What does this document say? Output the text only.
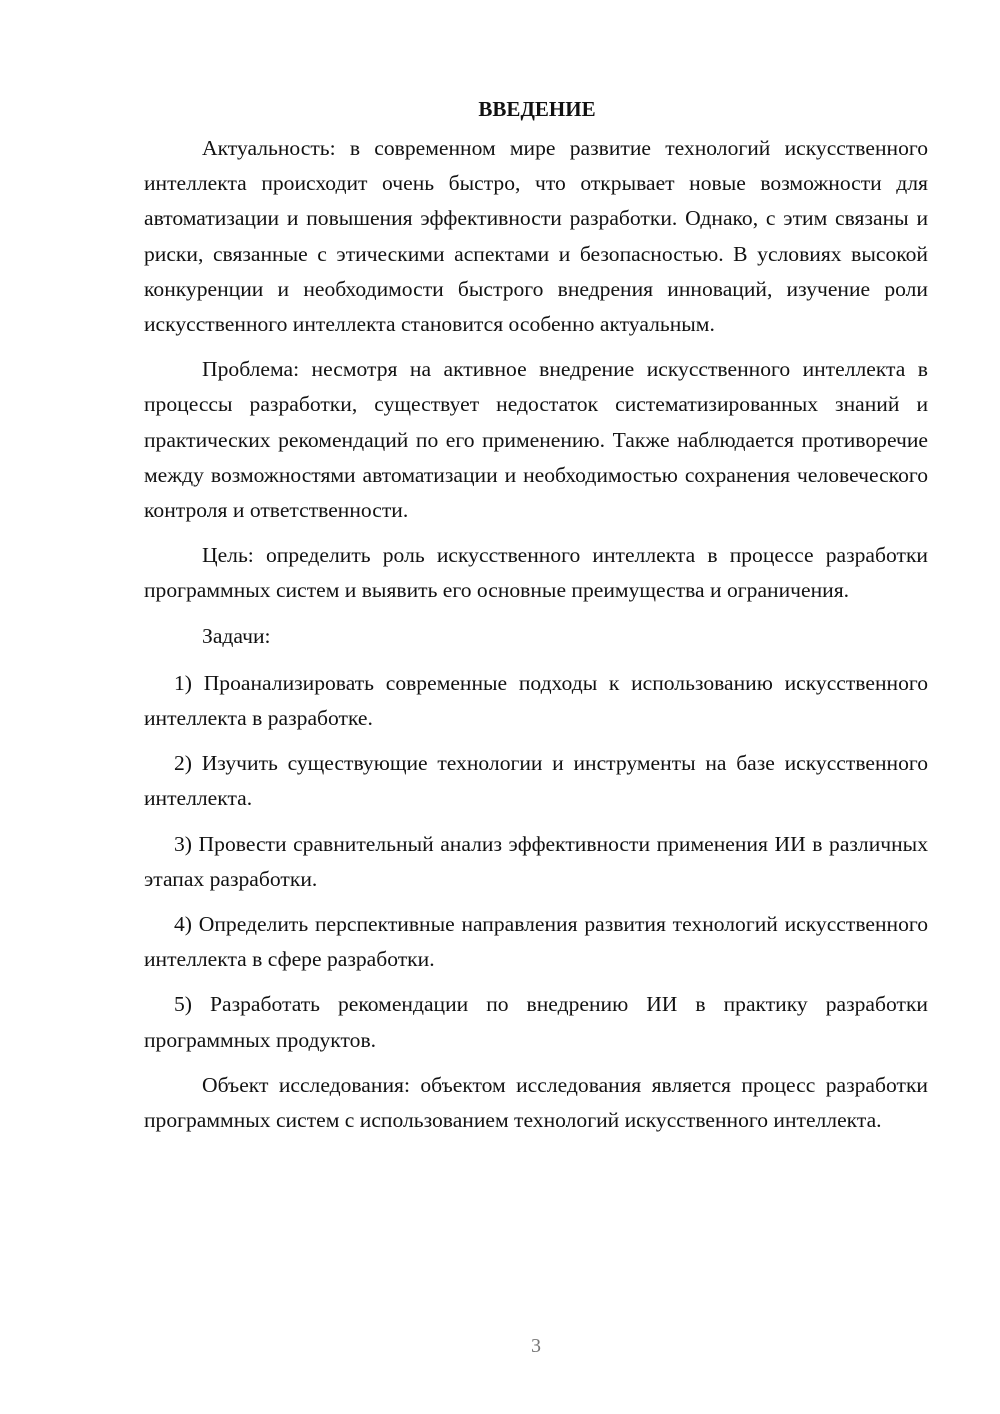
ВВЕДЕНИЕ

Актуальность: в современном мире развитие технологий искусственного интеллекта происходит очень быстро, что открывает новые возможности для автоматизации и повышения эффективности разработки. Однако, с этим связаны и риски, связанные с этическими аспектами и безопасностью. В условиях высокой конкуренции и необходимости быстрого внедрения инноваций, изучение роли искусственного интеллекта становится особенно актуальным.

Проблема: несмотря на активное внедрение искусственного интеллекта в процессы разработки, существует недостаток систематизированных знаний и практических рекомендаций по его применению. Также наблюдается противоречие между возможностями автоматизации и необходимостью сохранения человеческого контроля и ответственности.

Цель: определить роль искусственного интеллекта в процессе разработки программных систем и выявить его основные преимущества и ограничения.

Задачи:

1) Проанализировать современные подходы к использованию искусственного интеллекта в разработке.

2) Изучить существующие технологии и инструменты на базе искусственного интеллекта.

3) Провести сравнительный анализ эффективности применения ИИ в различных этапах разработки.

4) Определить перспективные направления развития технологий искусственного интеллекта в сфере разработки.

5) Разработать рекомендации по внедрению ИИ в практику разработки программных продуктов.

Объект исследования: объектом исследования является процесс разработки программных систем с использованием технологий искусственного интеллекта.

3
